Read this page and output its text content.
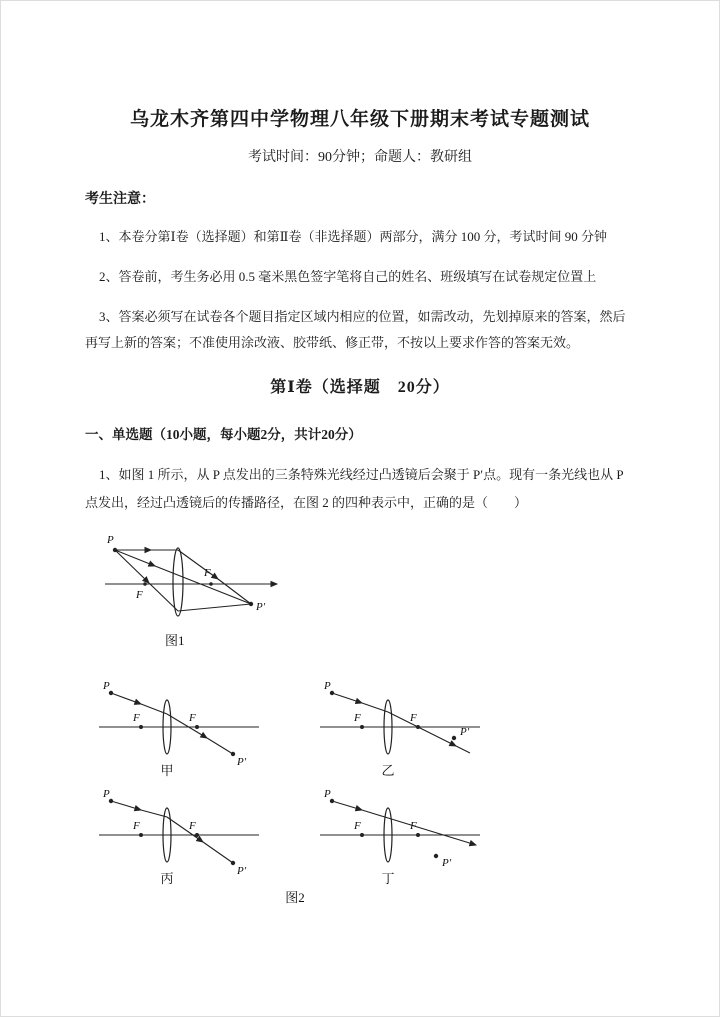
乌龙木齐第四中学物理八年级下册期末考试专题测试
考试时间：90分钟；命题人：教研组
考生注意：

1、本卷分第Ⅰ卷（选择题）和第Ⅱ卷（非选择题）两部分，满分 100 分，考试时间 90 分钟

2、答卷前，考生务必用 0.5 毫米黑色签字笔将自己的姓名、班级填写在试卷规定位置上

3、答案必须写在试卷各个题目指定区域内相应的位置，如需改动，先划掉原来的答案，然后再写上新的答案；不准使用涂改液、胶带纸、修正带，不按以上要求作答的答案无效。

第Ⅰ卷（选择题　20分）
一、单选题（10小题，每小题2分，共计20分）

1、如图 1 所示，从 P 点发出的三条特殊光线经过凸透镜后会聚于 P′点。现有一条光线也从 P 点发出，经过凸透镜后的传播路径，在图 2 的四种表示中，正确的是（　　）

P
F
F
P′
图1
P
F	F
P′
甲
P
F	F
P′
乙
P
F	F
P′
丙
P
F	F
P′
丁
图2
